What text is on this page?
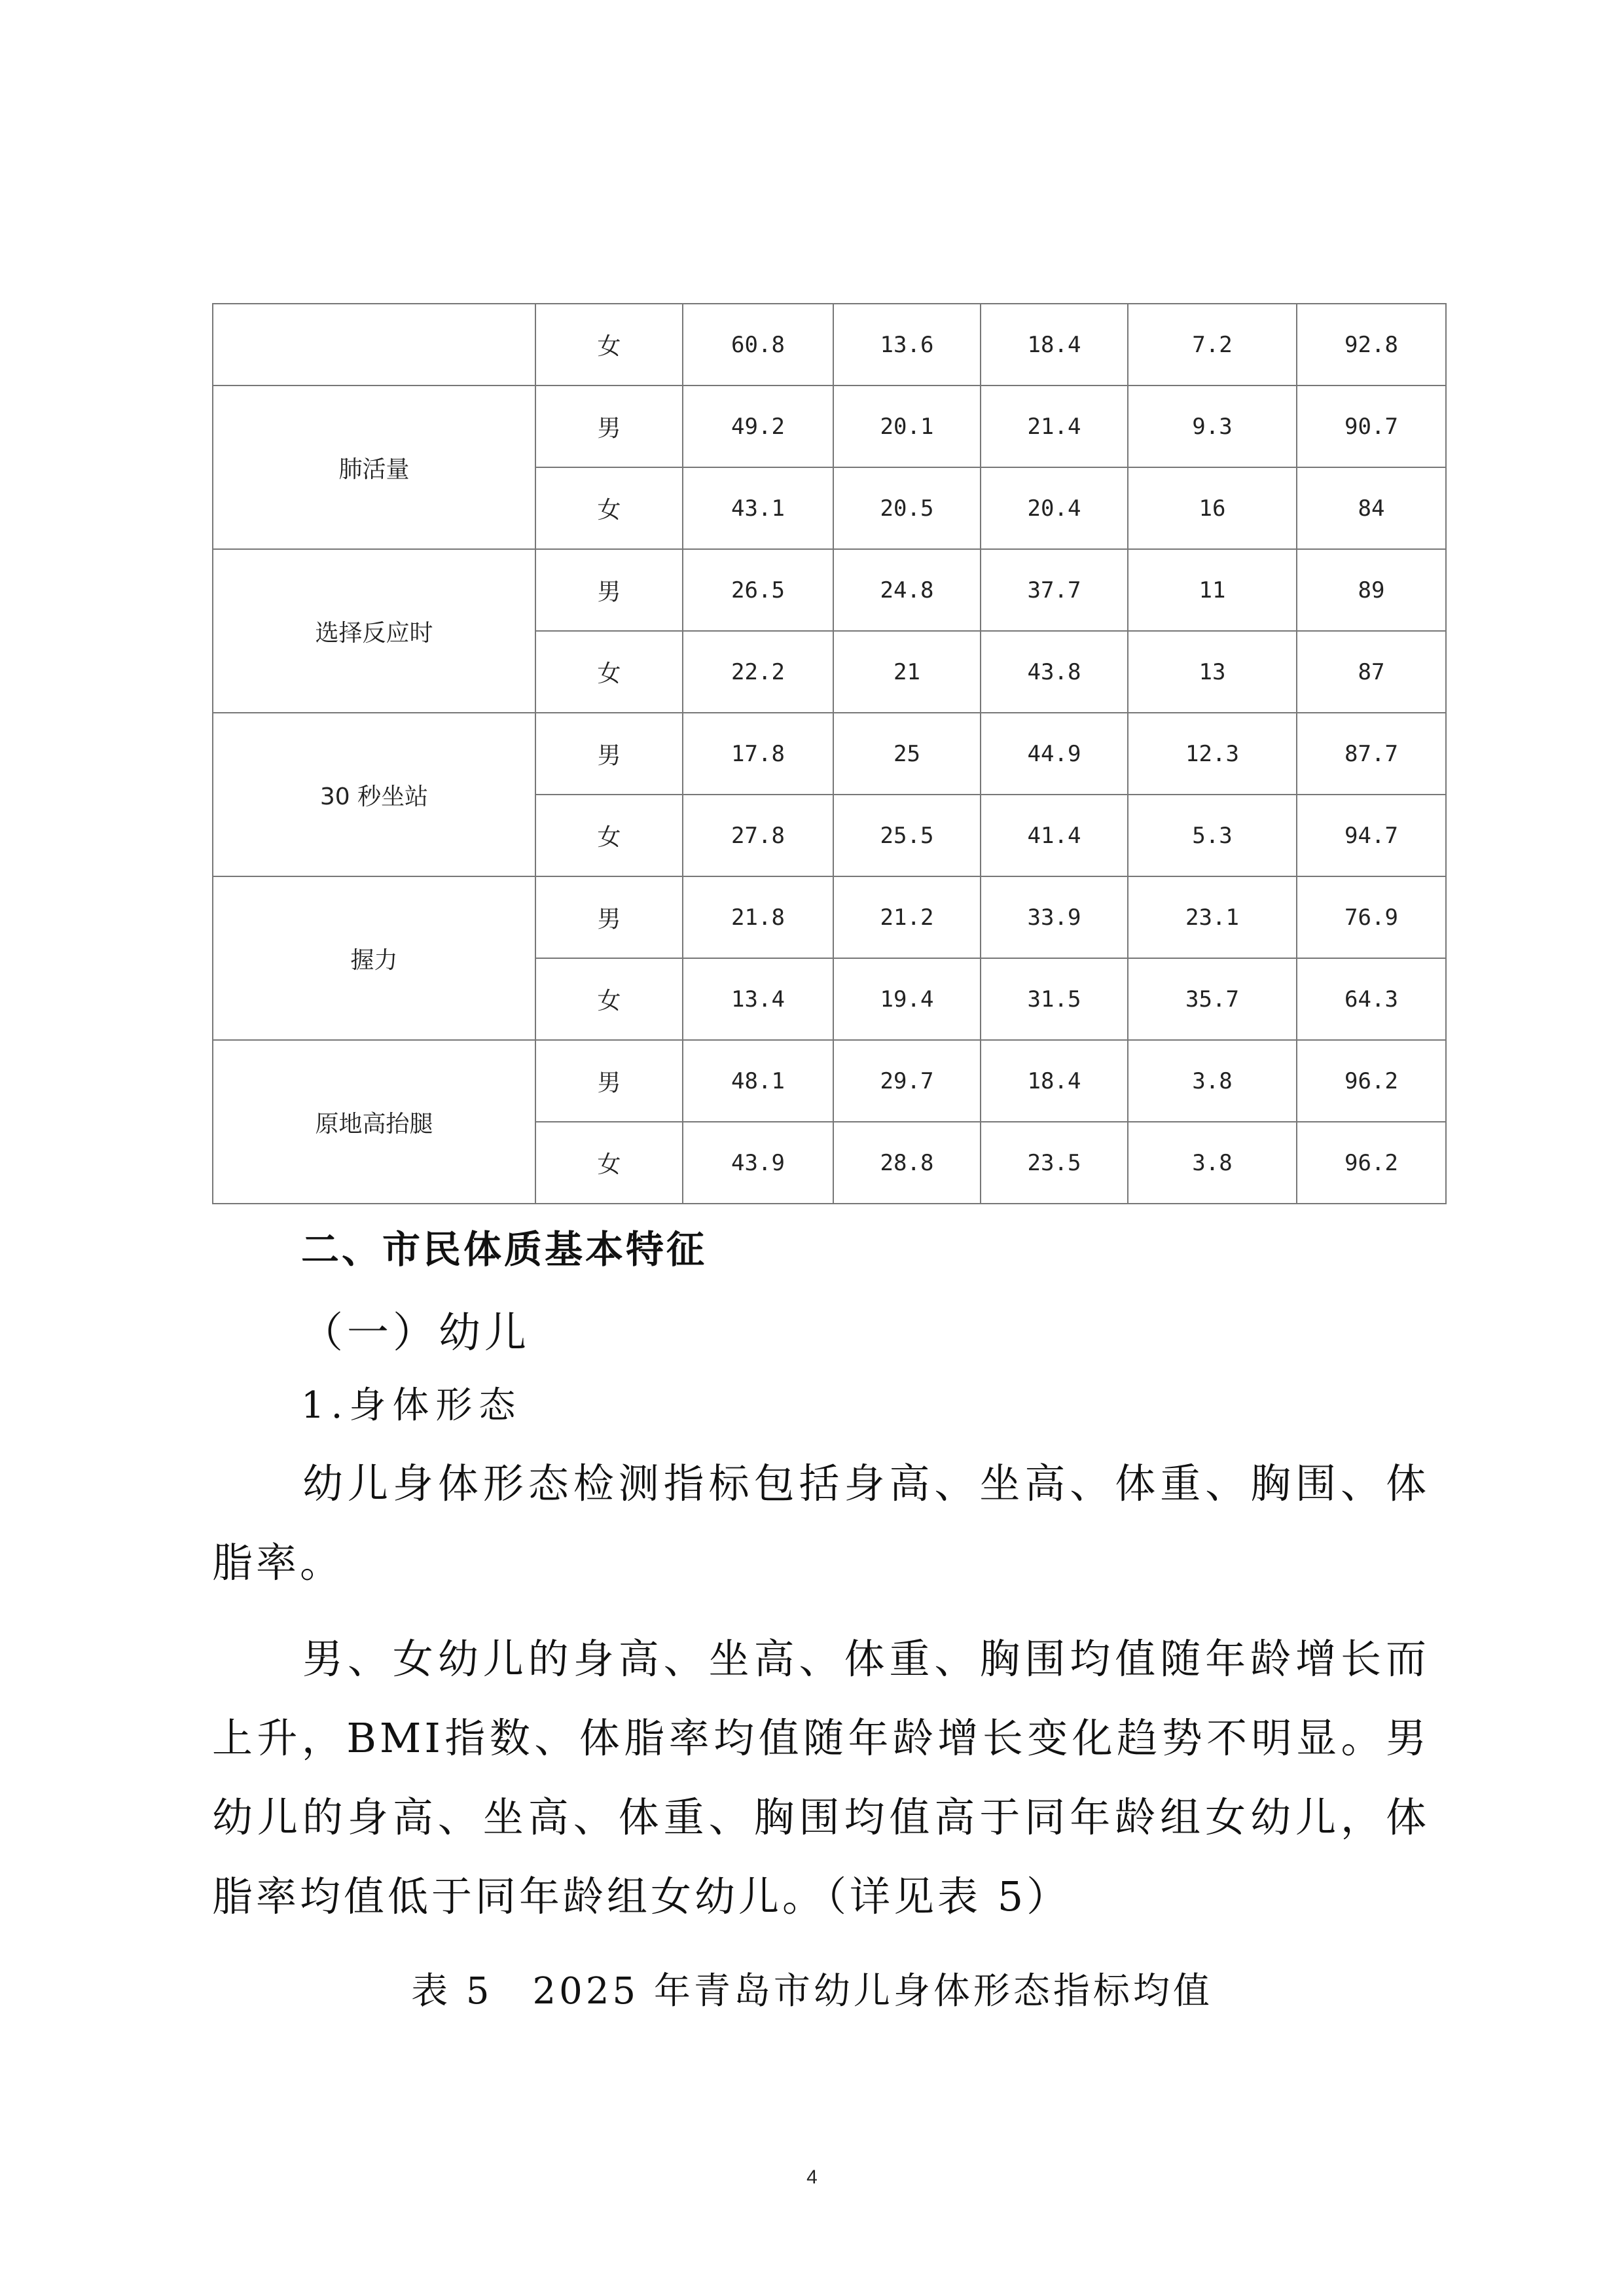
	女	60.8	13.6	18.4	7.2	92.8
肺活量	男	49.2	20.1	21.4	9.3	90.7
	女	43.1	20.5	20.4	16	84
选择反应时	男	26.5	24.8	37.7	11	89
	女	22.2	21	43.8	13	87
30 秒坐站	男	17.8	25	44.9	12.3	87.7
	女	27.8	25.5	41.4	5.3	94.7
握力	男	21.8	21.2	33.9	23.1	76.9
	女	13.4	19.4	31.5	35.7	64.3
原地高抬腿	男	48.1	29.7	18.4	3.8	96.2
	女	43.9	28.8	23.5	3.8	96.2
二、市民体质基本特征
（一）幼儿
1.身体形态
幼儿身体形态检测指标包括身高、坐高、体重、胸围、体脂率。
男、女幼儿的身高、坐高、体重、胸围均值随年龄增长而上升，BMI指数、体脂率均值随年龄增长变化趋势不明显。男幼儿的身高、坐高、体重、胸围均值高于同年龄组女幼儿，体脂率均值低于同年龄组女幼儿。（详见表 5）
表 5　2025 年青岛市幼儿身体形态指标均值
4
